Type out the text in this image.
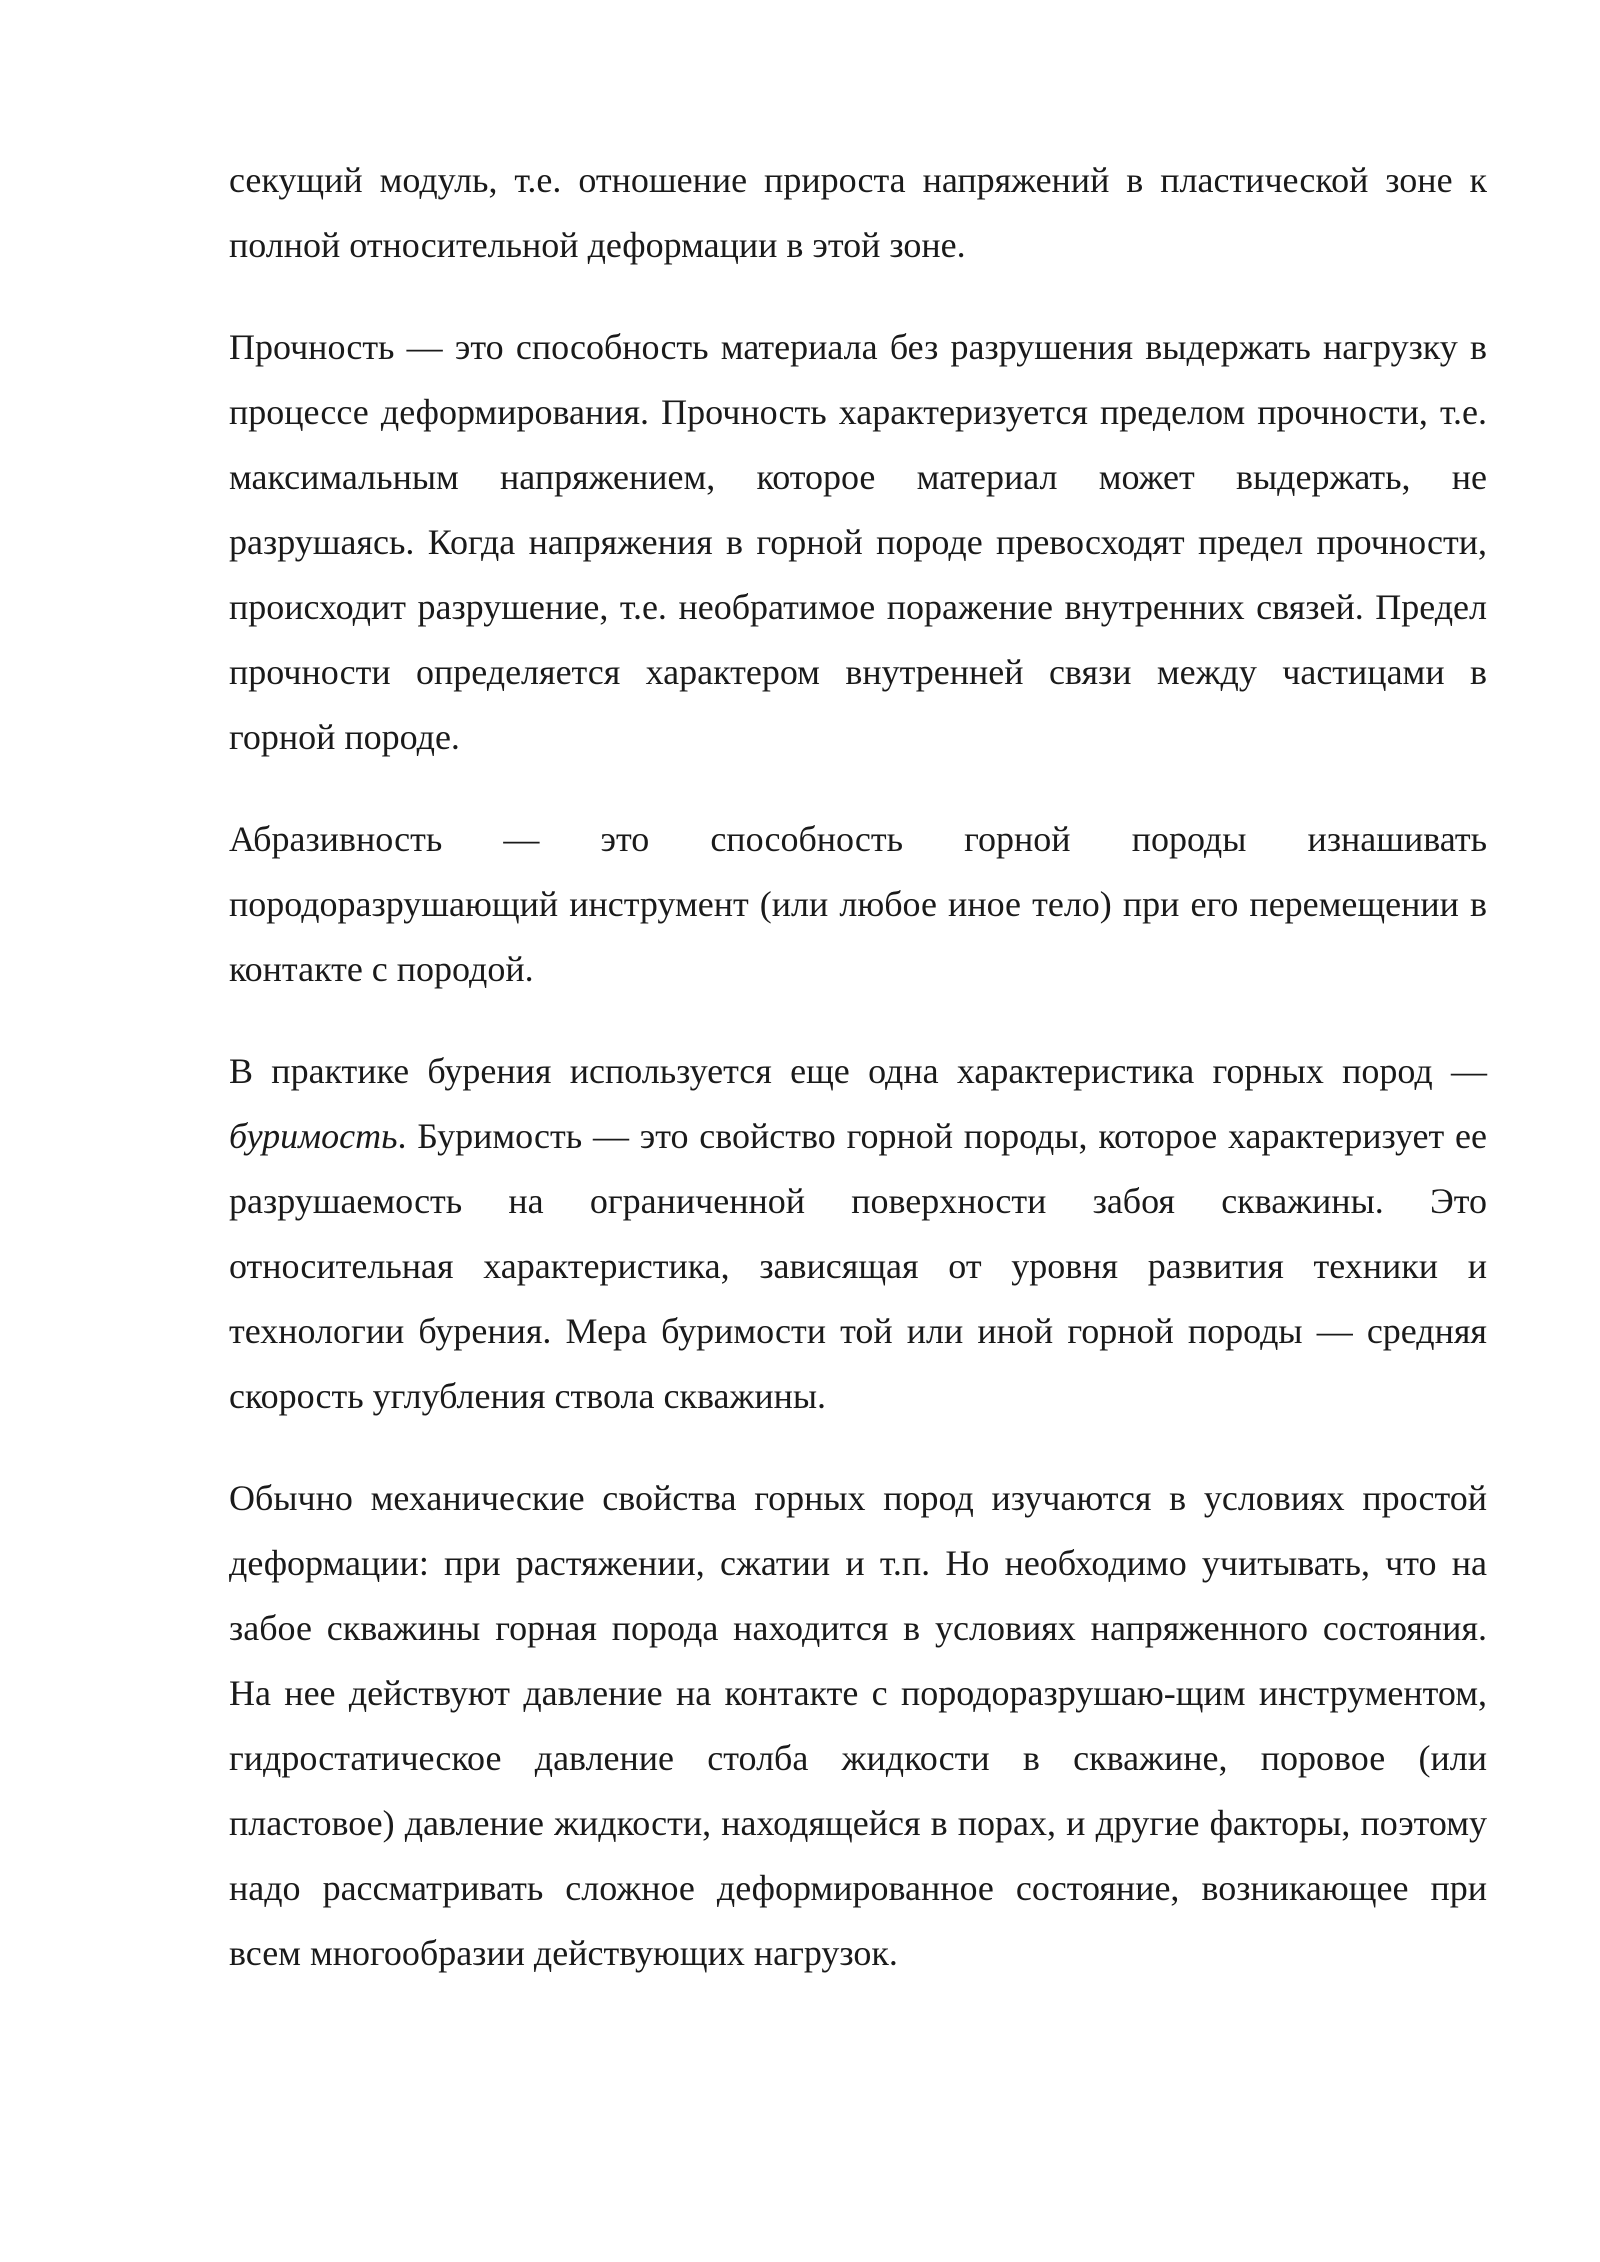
секущий модуль, т.е. отношение прироста напряжений в пластической зоне к полной относительной деформации в этой зоне.

Прочность — это способность материала без разрушения выдержать нагрузку в процессе деформирования. Прочность характеризуется пределом прочности, т.е. максимальным напряжением, которое материал может выдержать, не разрушаясь. Когда напряжения в горной породе превосходят предел прочности, происходит разрушение, т.е. необратимое поражение внутренних связей. Предел прочности определяется характером внутренней связи между частицами в горной породе.

Абразивность — это способность горной породы изнашивать породоразрушающий инструмент (или любое иное тело) при его перемещении в контакте с породой.

В практике бурения используется еще одна характеристика горных пород — буримость. Буримость — это свойство горной породы, которое характеризует ее разрушаемость на ограниченной поверхности забоя скважины. Это относительная характеристика, зависящая от уровня развития техники и технологии бурения. Мера буримости той или иной горной породы — средняя скорость углубления ствола скважины.

Обычно механические свойства горных пород изучаются в условиях простой деформации: при растяжении, сжатии и т.п. Но необходимо учитывать, что на забое скважины горная порода находится в условиях напряженного состояния. На нее действуют давление на контакте с породоразрушаю-щим инструментом, гидростатическое давление столба жидкости в скважине, поровое (или пластовое) давление жидкости, находящейся в порах, и другие факторы, поэтому надо рассматривать сложное деформированное состояние, возникающее при всем многообразии действующих нагрузок.
